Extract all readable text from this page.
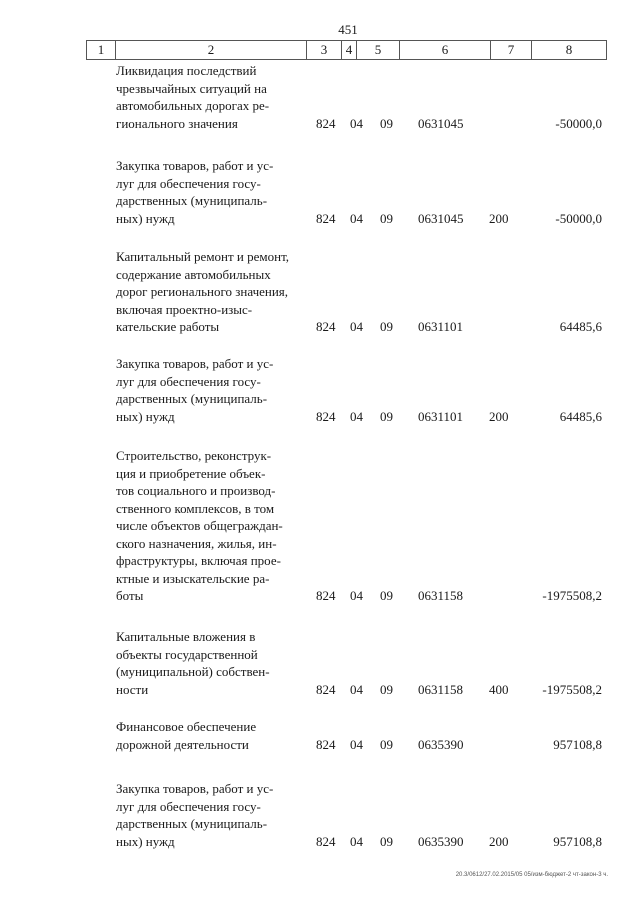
451
1	2	3	4	5	6	7	8
Ликвидация последствий
чрезвычайных ситуаций на
автомобильных дорогах ре-
гионального значения	824 04 09 0631045	-50000,0
Закупка товаров, работ и ус-
луг для обеспечения госу-
дарственных (муниципаль-
ных) нужд	824 04 09 0631045 200	-50000,0
Капитальный ремонт и ремонт,
содержание автомобильных
дорог регионального значения,
включая проектно-изыс-
кательские работы	824 04 09 0631101	64485,6
Закупка товаров, работ и ус-
луг для обеспечения госу-
дарственных (муниципаль-
ных) нужд	824 04 09 0631101 200	64485,6
Строительство, реконструк-
ция и приобретение объек-
тов социального и производ-
ственного комплексов, в том
числе объектов общеграждан-
ского назначения, жилья, ин-
фраструктуры, включая прое-
ктные и изыскательские ра-
боты	824 04 09 0631158	-1975508,2
Капитальные вложения в
объекты государственной
(муниципальной) собствен-
ности	824 04 09 0631158 400	-1975508,2
Финансовое обеспечение
дорожной деятельности	824 04 09 0635390	957108,8
Закупка товаров, работ и ус-
луг для обеспечения госу-
дарственных (муниципаль-
ных) нужд	824 04 09 0635390 200	957108,8
20.3/0612/27.02.2015/05 05/изм-бюджет-2 чт-закон-3 ч.
